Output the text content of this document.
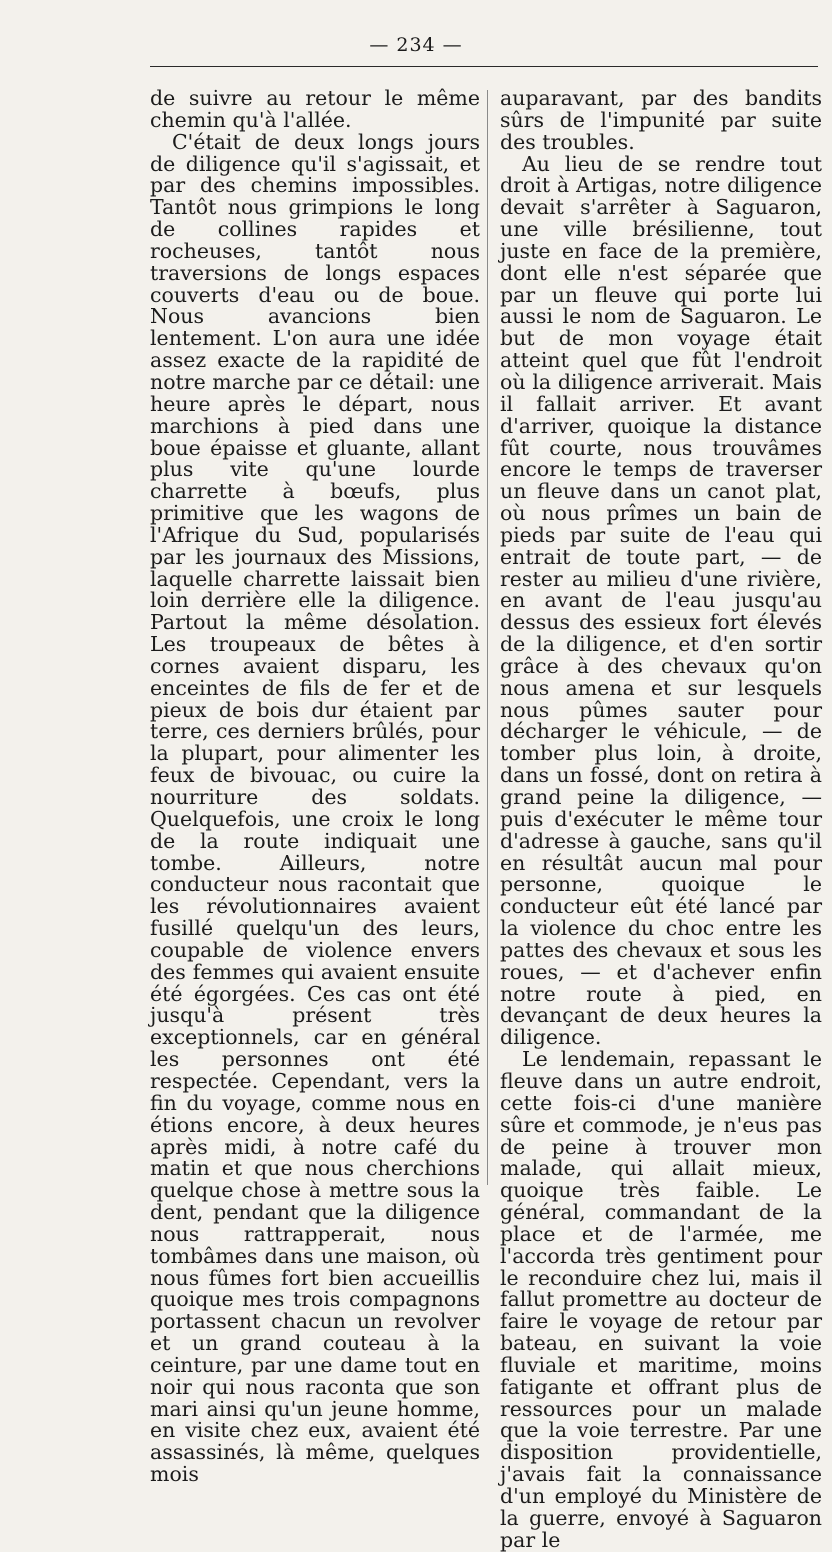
— 234 —

de suivre au retour le même chemin qu'à l'allée.

C'était de deux longs jours de diligence qu'il s'agissait, et par des chemins impossibles. Tantôt nous grimpions le long de collines rapides et rocheuses, tantôt nous traversions de longs espaces couverts d'eau ou de boue. Nous avancions bien lentement. L'on aura une idée assez exacte de la rapidité de notre marche par ce détail: une heure après le départ, nous marchions à pied dans une boue épaisse et gluante, allant plus vite qu'une lourde charrette à bœufs, plus primitive que les wagons de l'Afrique du Sud, popularisés par les journaux des Missions, laquelle charrette laissait bien loin derrière elle la diligence. Partout la même désolation. Les troupeaux de bêtes à cornes avaient disparu, les enceintes de fils de fer et de pieux de bois dur étaient par terre, ces derniers brûlés, pour la plupart, pour alimenter les feux de bivouac, ou cuire la nourriture des soldats. Quelquefois, une croix le long de la route indiquait une tombe. Ailleurs, notre conducteur nous racontait que les révolutionnaires avaient fusillé quelqu'un des leurs, coupable de violence envers des femmes qui avaient ensuite été égorgées. Ces cas ont été jusqu'à présent très exceptionnels, car en général les personnes ont été respectée. Cependant, vers la fin du voyage, comme nous en étions encore, à deux heures après midi, à notre café du matin et que nous cherchions quelque chose à mettre sous la dent, pendant que la diligence nous rattrapperait, nous tombâmes dans une maison, où nous fûmes fort bien accueillis quoique mes trois compagnons portassent chacun un revolver et un grand couteau à la ceinture, par une dame tout en noir qui nous raconta que son mari ainsi qu'un jeune homme, en visite chez eux, avaient été assassinés, là même, quelques mois

auparavant, par des bandits sûrs de l'impunité par suite des troubles.

Au lieu de se rendre tout droit à Artigas, notre diligence devait s'arrêter à Saguaron, une ville brésilienne, tout juste en face de la première, dont elle n'est séparée que par un fleuve qui porte lui aussi le nom de Saguaron. Le but de mon voyage était atteint quel que fût l'endroit où la diligence arriverait. Mais il fallait arriver. Et avant d'arriver, quoique la distance fût courte, nous trouvâmes encore le temps de traverser un fleuve dans un canot plat, où nous prîmes un bain de pieds par suite de l'eau qui entrait de toute part, — de rester au milieu d'une rivière, en avant de l'eau jusqu'au dessus des essieux fort élevés de la diligence, et d'en sortir grâce à des chevaux qu'on nous amena et sur lesquels nous pûmes sauter pour décharger le véhicule, — de tomber plus loin, à droite, dans un fossé, dont on retira à grand peine la diligence, — puis d'exécuter le même tour d'adresse à gauche, sans qu'il en résultât aucun mal pour personne, quoique le conducteur eût été lancé par la violence du choc entre les pattes des chevaux et sous les roues, — et d'achever enfin notre route à pied, en devançant de deux heures la diligence.

Le lendemain, repassant le fleuve dans un autre endroit, cette fois-ci d'une manière sûre et commode, je n'eus pas de peine à trouver mon malade, qui allait mieux, quoique très faible. Le général, commandant de la place et de l'armée, me l'accorda très gentiment pour le reconduire chez lui, mais il fallut promettre au docteur de faire le voyage de retour par bateau, en suivant la voie fluviale et maritime, moins fatigante et offrant plus de ressources pour un malade que la voie terrestre. Par une disposition providentielle, j'avais fait la connaissance d'un employé du Ministère de la guerre, envoyé à Saguaron par le
